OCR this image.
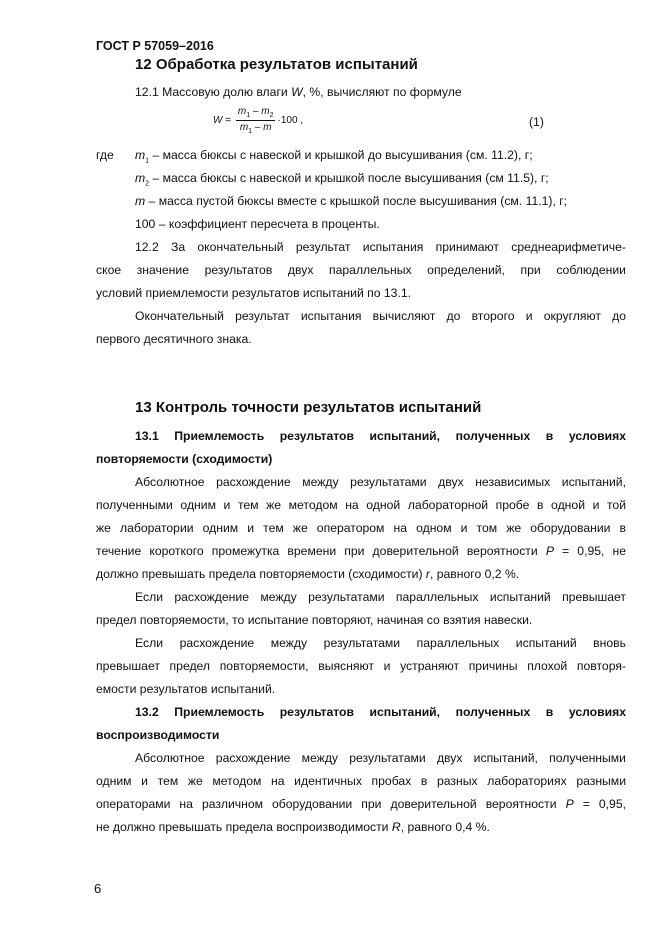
ГОСТ Р 57059–2016
12 Обработка результатов испытаний
12.1 Массовую долю влаги W, %, вычисляют по формуле
$W = \frac{m_1 - m_2}{m_1 - m} \cdot 100$ ,	(1)
где $m_1$ – масса бюксы с навеской и крышкой до высушивания (см. 11.2), г;
$m_2$ – масса бюксы с навеской и крышкой после высушивания (см 11.5), г;
m – масса пустой бюксы вместе с крышкой после высушивания (см. 11.1), г;
100 – коэффициент пересчета в проценты.
12.2 За окончательный результат испытания принимают среднеарифметиче-
ское значение результатов двух параллельных определений, при соблюдении
условий приемлемости результатов испытаний по 13.1.
Окончательный результат испытания вычисляют до второго и округляют до
первого десятичного знака.
13 Контроль точности результатов испытаний
13.1 Приемлемость результатов испытаний, полученных в условиях
повторяемости (сходимости)
Абсолютное расхождение между результатами двух независимых испытаний,
полученными одним и тем же методом на одной лабораторной пробе в одной и той
же лаборатории одним и тем же оператором на одном и том же оборудовании в
течение короткого промежутка времени при доверительной вероятности P = 0,95, не
должно превышать предела повторяемости (сходимости) r, равного 0,2 %.
Если расхождение между результатами параллельных испытаний превышает
предел повторяемости, то испытание повторяют, начиная со взятия навески.
Если расхождение между результатами параллельных испытаний вновь
превышает предел повторяемости, выясняют и устраняют причины плохой повторя-
емости результатов испытаний.
13.2 Приемлемость результатов испытаний, полученных в условиях
воспроизводимости
Абсолютное расхождение между результатами двух испытаний, полученными
одним и тем же методом на идентичных пробах в разных лабораториях разными
операторами на различном оборудовании при доверительной вероятности P = 0,95,
не должно превышать предела воспроизводимости R, равного 0,4 %.
6
